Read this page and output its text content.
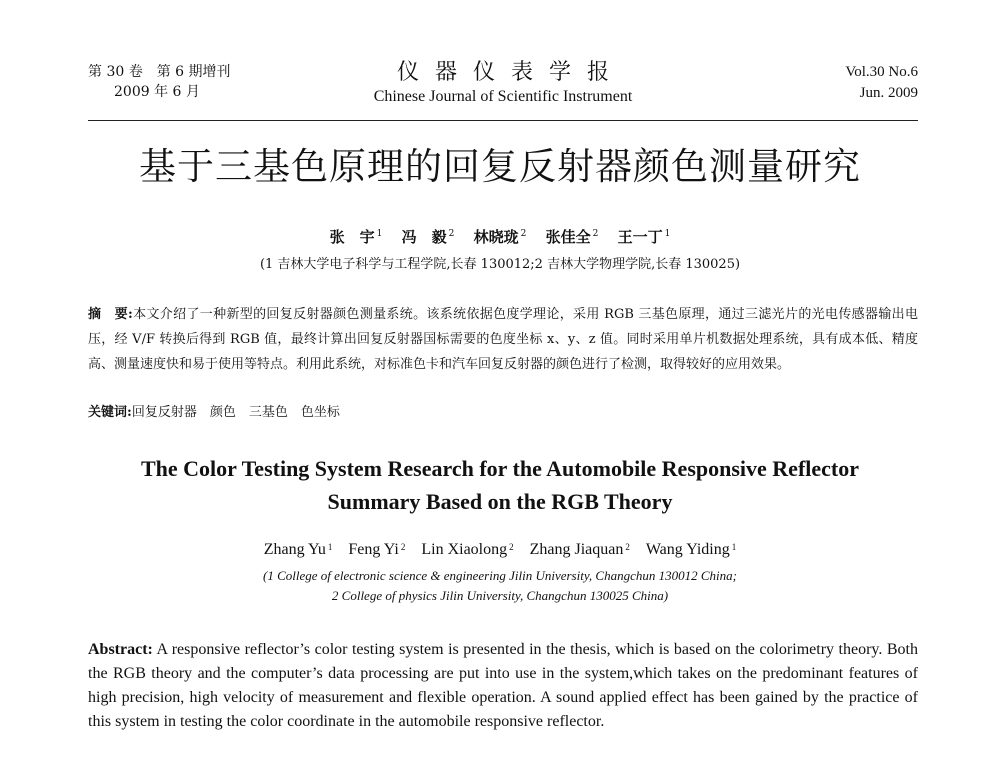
第 30 卷　第 6 期增刊
2009 年 6 月
仪器仪表学报
Chinese Journal of Scientific Instrument
Vol.30 No.6
Jun. 2009
基于三基色原理的回复反射器颜色测量研究
张　宇 $^1$ 冯　毅 $^2$ 林晓珑 $^2$ 张佳全 $^2$ 王一丁 $^1$
(1 吉林大学电子科学与工程学院,长春 130012;2 吉林大学物理学院,长春 130025)
摘　要:本文介绍了一种新型的回复反射器颜色测量系统。该系统依据色度学理论，采用 RGB 三基色原理，通过三滤光片的光电传感器输出电压，经 V/F 转换后得到 RGB 值，最终计算出回复反射器国标需要的色度坐标 x、y、z 值。同时采用单片机数据处理系统，具有成本低、精度高、测量速度快和易于使用等特点。利用此系统，对标准色卡和汽车回复反射器的颜色进行了检测，取得较好的应用效果。
关键词:回复反射器　颜色　三基色　色坐标
The Color Testing System Research for the Automobile Responsive Reflector
Summary Based on the RGB Theory
Zhang Yu $^1$ Feng Yi $^2$ Lin Xiaolong $^2$ Zhang Jiaquan $^2$ Wang Yiding $^1$
(1 College of electronic science & engineering Jilin University, Changchun 130012 China;
2 College of physics Jilin University, Changchun 130025 China)
Abstract: A responsive reflector’s color testing system is presented in the thesis, which is based on the colorimetry theory. Both the RGB theory and the computer’s data processing are put into use in the system,which takes on the predominant features of high precision, high velocity of measurement and flexible operation. A sound applied effect has been gained by the practice of this system in testing the color coordinate in the automobile responsive reflector.
